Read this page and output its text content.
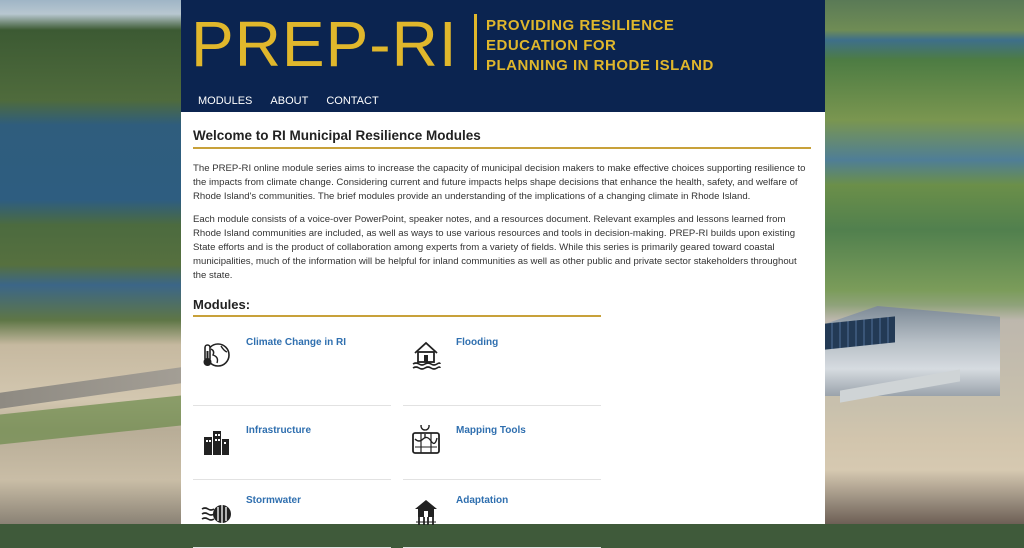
PREP-RI PROVIDING RESILIENCE
EDUCATION FOR
PLANNING IN RHODE ISLAND
MODULES	ABOUT	CONTACT
Welcome to RI Municipal Resilience Modules

The PREP-RI online module series aims to increase the capacity of municipal decision makers to make effective choices supporting resilience to the impacts from climate change. Considering current and future impacts helps shape decisions that enhance the health, safety, and welfare of Rhode Island's communities. The brief modules provide an understanding of the implications of a changing climate in Rhode Island.

Each module consists of a voice-over PowerPoint, speaker notes, and a resources document. Relevant examples and lessons learned from Rhode Island communities are included, as well as ways to use various resources and tools in decision-making. PREP-RI builds upon existing State efforts and is the product of collaboration among experts from a variety of fields. While this series is primarily geared toward coastal municipalities, much of the information will be helpful for inland communities as well as other public and private sector stakeholders throughout the state.

Modules:
Climate Change in RI	Flooding
Infrastructure	Mapping Tools
Stormwater	Adaptation
